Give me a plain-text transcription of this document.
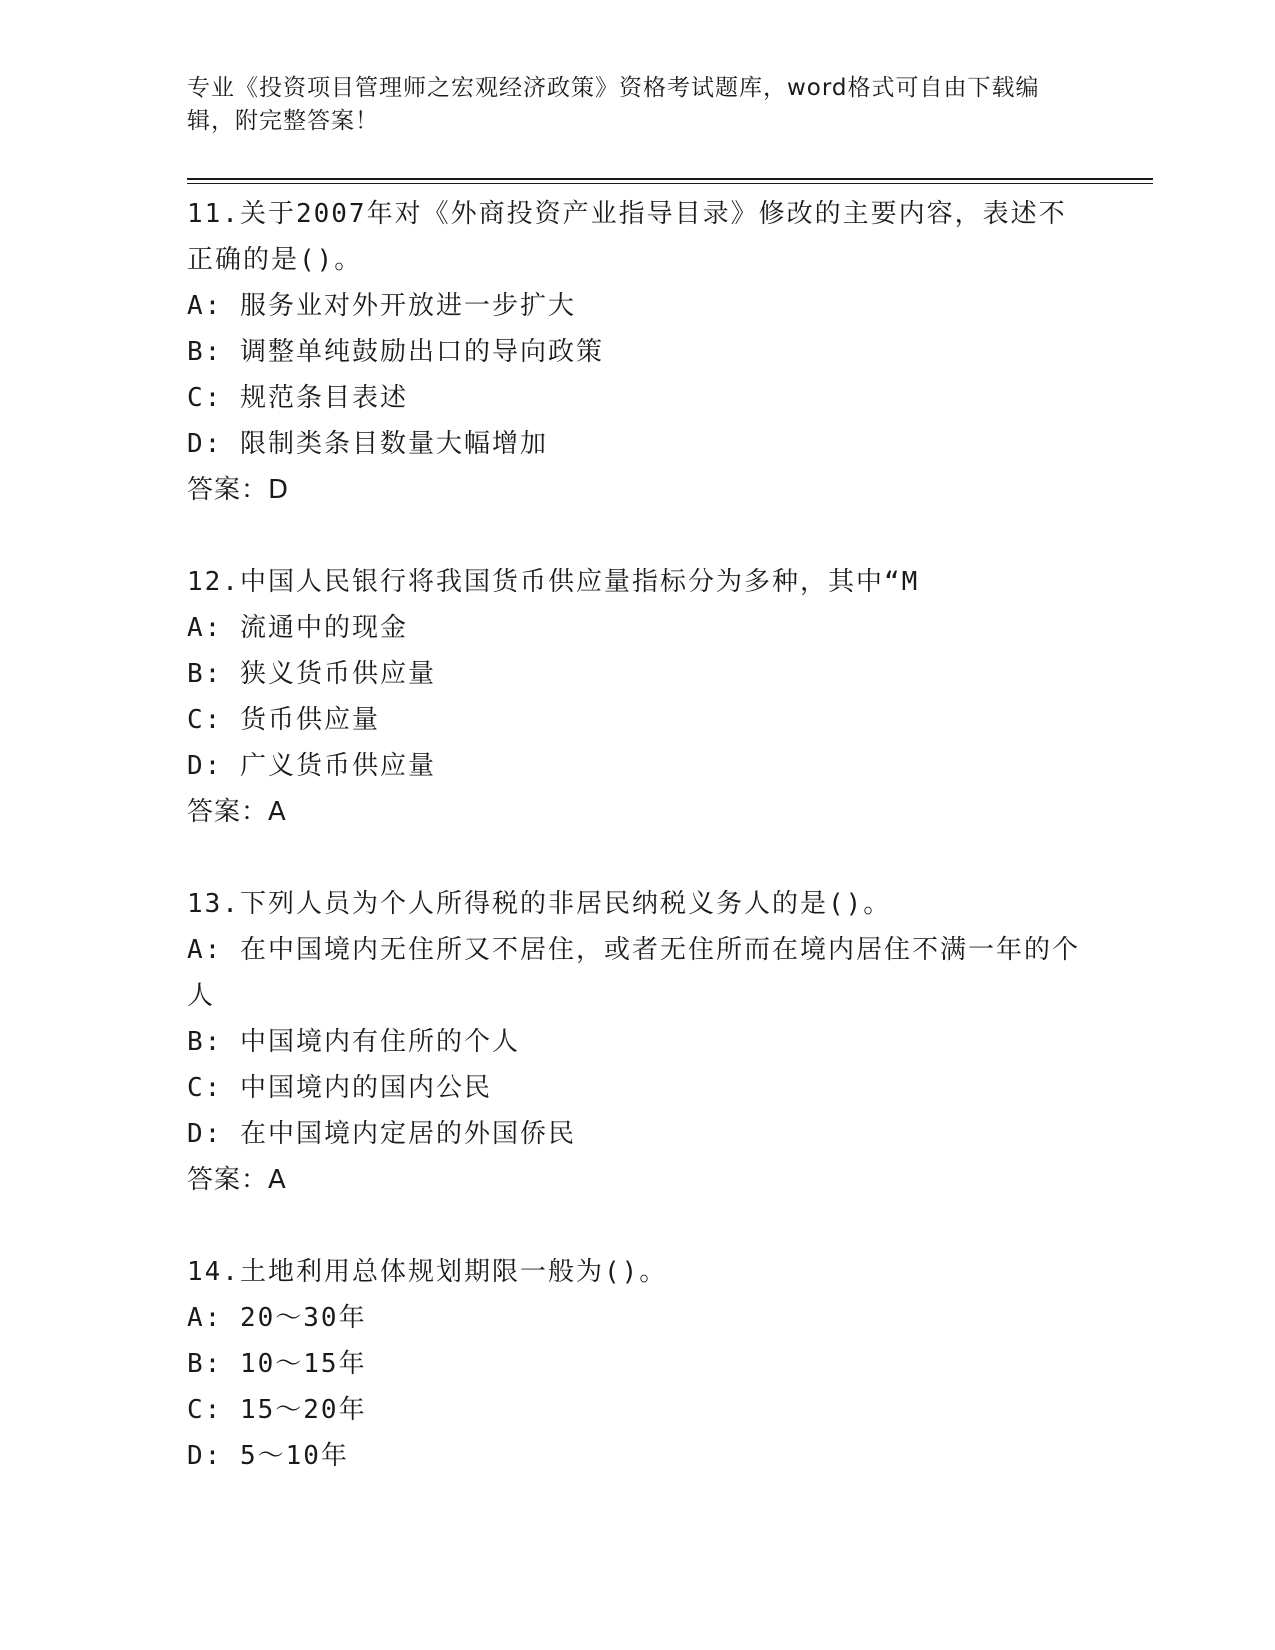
专业《投资项目管理师之宏观经济政策》资格考试题库，word格式可自由下载编辑，附完整答案！

11.关于2007年对《外商投资产业指导目录》修改的主要内容，表述不正确的是()。

A: 服务业对外开放进一步扩大

B: 调整单纯鼓励出口的导向政策

C: 规范条目表述

D: 限制类条目数量大幅增加

答案：D

12.中国人民银行将我国货币供应量指标分为多种，其中“M

A: 流通中的现金

B: 狭义货币供应量

C: 货币供应量

D: 广义货币供应量

答案：A

13.下列人员为个人所得税的非居民纳税义务人的是()。

A: 在中国境内无住所又不居住，或者无住所而在境内居住不满一年的个人

B: 中国境内有住所的个人

C: 中国境内的国内公民

D: 在中国境内定居的外国侨民

答案：A

14.土地利用总体规划期限一般为()。

A: 20～30年

B: 10～15年

C: 15～20年

D: 5～10年
